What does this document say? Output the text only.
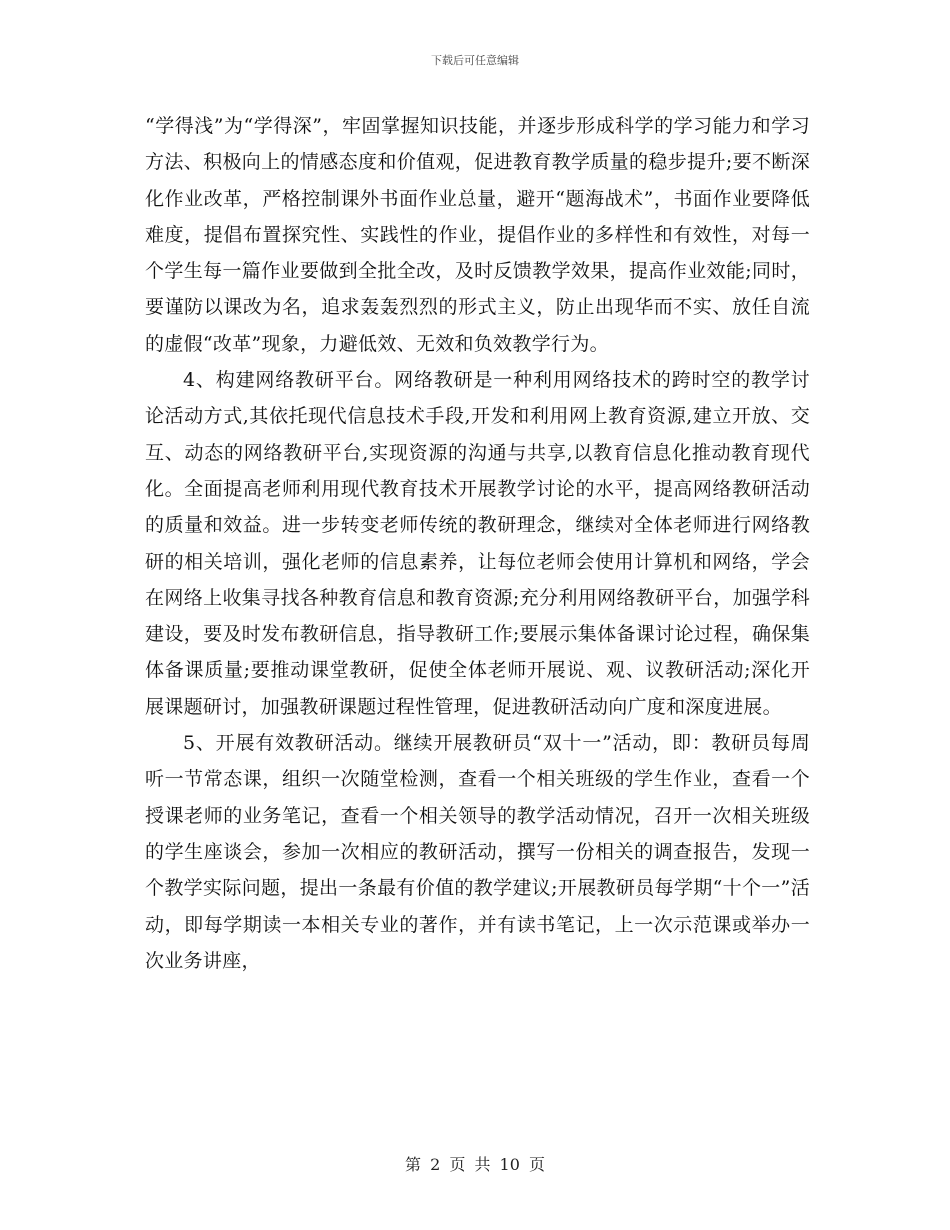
下载后可任意编辑

“学得浅”为“学得深”，牢固掌握知识技能，并逐步形成科学的学习能力和学习方法、积极向上的情感态度和价值观，促进教育教学质量的稳步提升;要不断深化作业改革，严格控制课外书面作业总量，避开“题海战术”，书面作业要降低难度，提倡布置探究性、实践性的作业，提倡作业的多样性和有效性，对每一个学生每一篇作业要做到全批全改，及时反馈教学效果，提高作业效能;同时，要谨防以课改为名，追求轰轰烈烈的形式主义，防止出现华而不实、放任自流的虚假“改革”现象，力避低效、无效和负效教学行为。

4、构建网络教研平台。网络教研是一种利用网络技术的跨时空的教学讨论活动方式,其依托现代信息技术手段,开发和利用网上教育资源,建立开放、交互、动态的网络教研平台,实现资源的沟通与共享,以教育信息化推动教育现代化。全面提高老师利用现代教育技术开展教学讨论的水平，提高网络教研活动的质量和效益。进一步转变老师传统的教研理念，继续对全体老师进行网络教研的相关培训，强化老师的信息素养，让每位老师会使用计算机和网络，学会在网络上收集寻找各种教育信息和教育资源;充分利用网络教研平台，加强学科建设，要及时发布教研信息，指导教研工作;要展示集体备课讨论过程，确保集体备课质量;要推动课堂教研，促使全体老师开展说、观、议教研活动;深化开展课题研讨，加强教研课题过程性管理，促进教研活动向广度和深度进展。

5、开展有效教研活动。继续开展教研员“双十一”活动，即：教研员每周听一节常态课，组织一次随堂检测，查看一个相关班级的学生作业，查看一个授课老师的业务笔记，查看一个相关领导的教学活动情况，召开一次相关班级的学生座谈会，参加一次相应的教研活动，撰写一份相关的调查报告，发现一个教学实际问题，提出一条最有价值的教学建议;开展教研员每学期“十个一”活动，即每学期读一本相关专业的著作，并有读书笔记，上一次示范课或举办一次业务讲座，

第 2 页 共 10 页
